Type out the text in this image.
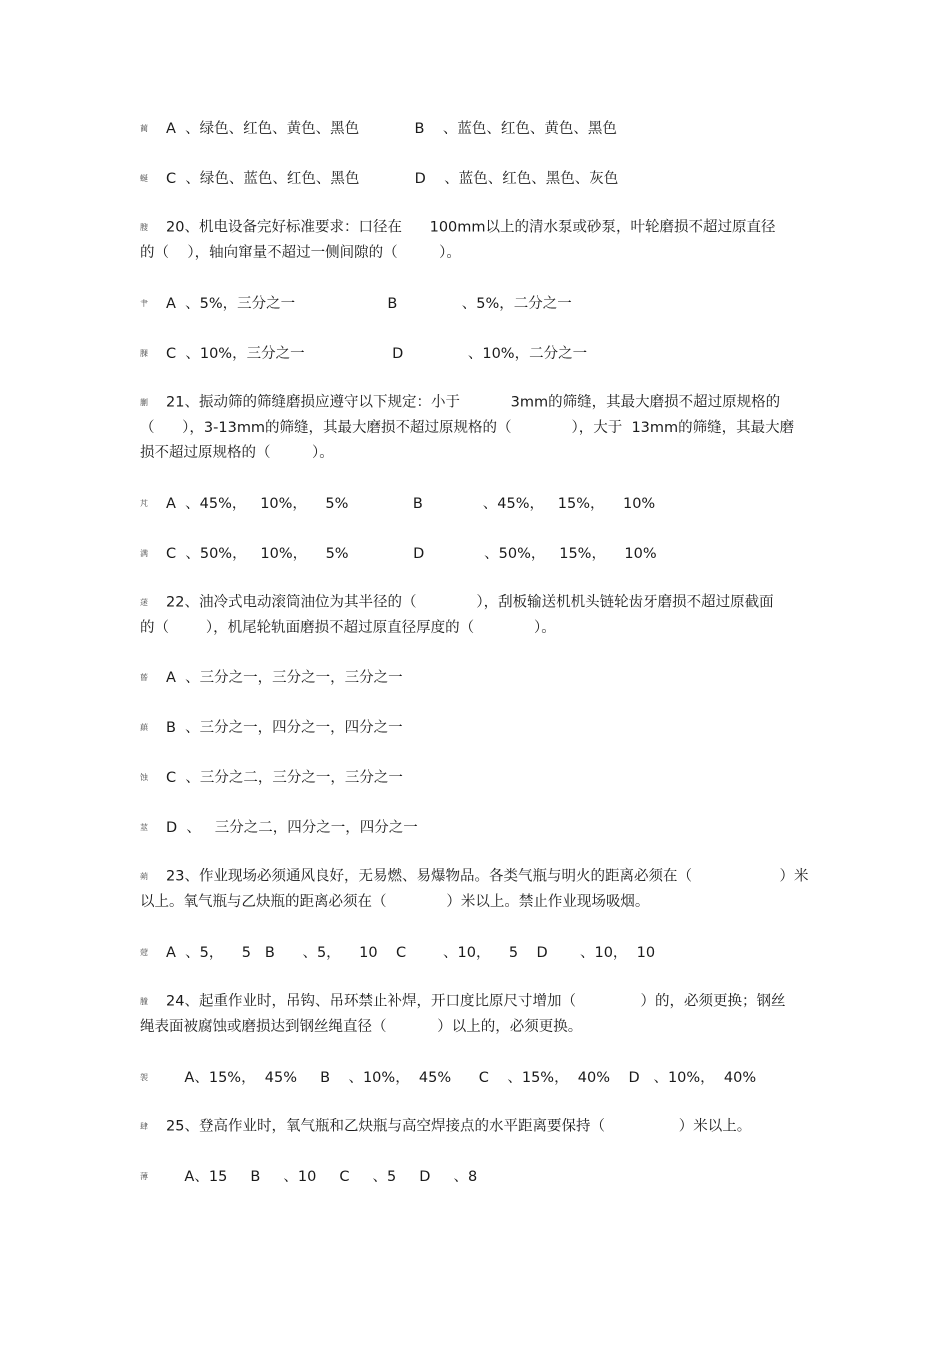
蔺 A  、绿色、红色、黄色、黑色            B    、蓝色、红色、黄色、黑色
蜒 C  、绿色、蓝色、红色、黑色            D    、蓝色、红色、黑色、灰色
膄 20、机电设备完好标准要求：口径在      100mm以上的清水泵或砂泵，叶轮磨损不超过原直径
的（    ），轴向窜量不超过一侧间隙的（         ）。
肀 A  、5%，三分之一                    B              、5%，二分之一
腂 C  、10%，三分之一                   D              、10%，二分之一
蒯 21、振动筛的筛缝磨损应遵守以下规定：小于           3mm的筛缝，其最大磨损不超过原规格的
（      ），3-13mm的筛缝，其最大磨损不超过原规格的（             ），大于  13mm的筛缝，其最大磨
损不超过原规格的（         ）。
芃 A  、45%，   10%，    5%              B             、45%，   15%，    10%
满 C  、50%，   10%，    5%              D             、50%，   15%，    10%
蒁 22、油冷式电动滚筒油位为其半径的（             ），刮板输送机机头链轮齿牙磨损不超过原截面
的（        ），机尾轮轨面磨损不超过原直径厚度的（             ）。
蒈 A  、三分之一，三分之一，三分之一
蕻 B  、三分之一，四分之一，四分之一
蚀 C  、三分之二，三分之一，三分之一
莁 D  、   三分之二，四分之一，四分之一
蒴 23、作业现场必须通风良好，无易燃、易爆物品。各类气瓶与明火的距离必须在（                   ）米
以上。氧气瓶与乙炔瓶的距离必须在（             ）米以上。禁止作业现场吸烟。
蒄 A  、5，    5   B      、5，    10    C        、10，    5    D       、10，  10
膧 24、起重作业时，吊钩、吊环禁止补焊，开口度比原尺寸增加（              ）的，必须更换；钢丝
绳表面被腐蚀或磨损达到钢丝绳直径（           ）以上的，必须更换。
袈    A、15%，  45%     B    、10%，  45%      C    、15%，  40%    D   、10%，  40%
肆 25、登高作业时，氧气瓶和乙炔瓶与高空焊接点的水平距离要保持（                ）米以上。
薄    A、15     B     、10     C     、5     D     、8
